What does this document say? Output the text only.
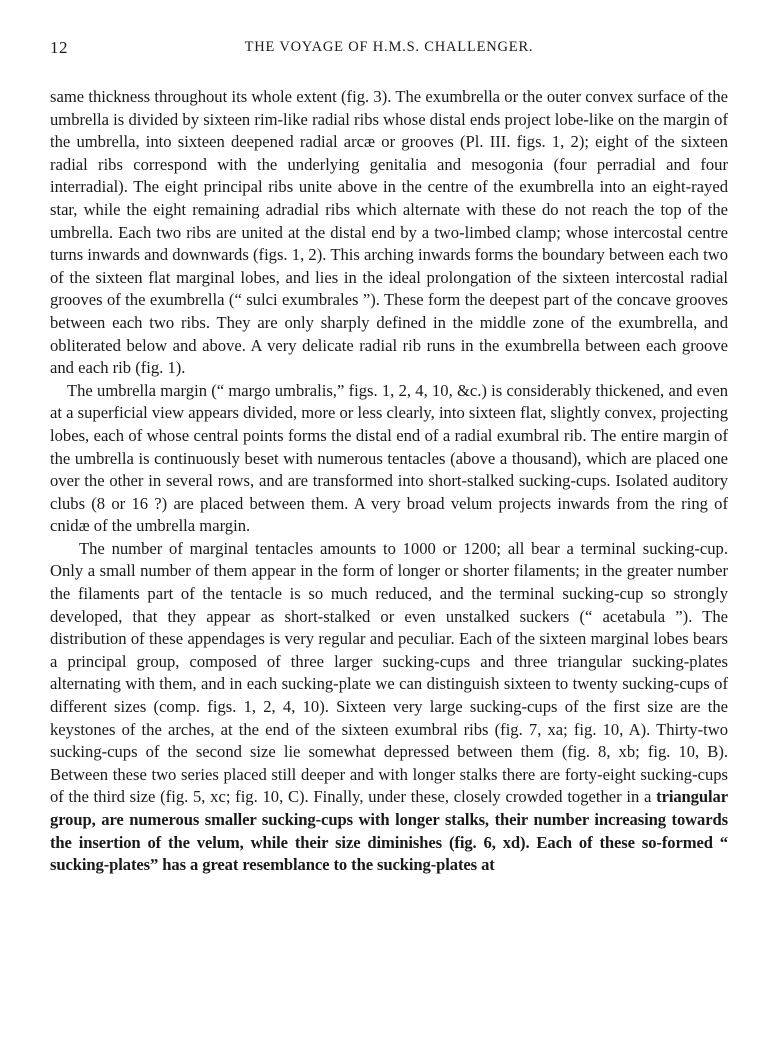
12	THE VOYAGE OF H.M.S. CHALLENGER.

same thickness throughout its whole extent (fig. 3). The exumbrella or the outer convex surface of the umbrella is divided by sixteen rim-like radial ribs whose distal ends project lobe-like on the margin of the umbrella, into sixteen deepened radial arcæ or grooves (Pl. III. figs. 1, 2); eight of the sixteen radial ribs correspond with the underlying genitalia and mesogonia (four perradial and four interradial). The eight principal ribs unite above in the centre of the exumbrella into an eight-rayed star, while the eight remaining adradial ribs which alternate with these do not reach the top of the umbrella. Each two ribs are united at the distal end by a two-limbed clamp; whose intercostal centre turns inwards and downwards (figs. 1, 2). This arching inwards forms the boundary between each two of the sixteen flat marginal lobes, and lies in the ideal prolongation of the sixteen intercostal radial grooves of the exumbrella (“ sulci exumbrales ”). These form the deepest part of the concave grooves between each two ribs. They are only sharply defined in the middle zone of the exumbrella, and obliterated below and above. A very delicate radial rib runs in the exumbrella between each groove and each rib (fig. 1).

The umbrella margin (“ margo umbralis,” figs. 1, 2, 4, 10, &c.) is considerably thickened, and even at a superficial view appears divided, more or less clearly, into sixteen flat, slightly convex, projecting lobes, each of whose central points forms the distal end of a radial exumbral rib. The entire margin of the umbrella is continuously beset with numerous tentacles (above a thousand), which are placed one over the other in several rows, and are transformed into short-stalked sucking-cups. Isolated auditory clubs (8 or 16 ?) are placed between them. A very broad velum projects inwards from the ring of cnidæ of the umbrella margin.

The number of marginal tentacles amounts to 1000 or 1200; all bear a terminal sucking-cup. Only a small number of them appear in the form of longer or shorter filaments; in the greater number the filaments part of the tentacle is so much reduced, and the terminal sucking-cup so strongly developed, that they appear as short-stalked or even unstalked suckers (“ acetabula ”). The distribution of these appendages is very regular and peculiar. Each of the sixteen marginal lobes bears a principal group, composed of three larger sucking-cups and three triangular sucking-plates alternating with them, and in each sucking-plate we can distinguish sixteen to twenty sucking-cups of different sizes (comp. figs. 1, 2, 4, 10). Sixteen very large sucking-cups of the first size are the keystones of the arches, at the end of the sixteen exumbral ribs (fig. 7, xa; fig. 10, A). Thirty-two sucking-cups of the second size lie somewhat depressed between them (fig. 8, xb; fig. 10, B). Between these two series placed still deeper and with longer stalks there are forty-eight sucking-cups of the third size (fig. 5, xc; fig. 10, C). Finally, under these, closely crowded together in a triangular group, are numerous smaller sucking-cups with longer stalks, their number increasing towards the insertion of the velum, while their size diminishes (fig. 6, xd). Each of these so-formed “ sucking-plates” has a great resemblance to the sucking-plates at
